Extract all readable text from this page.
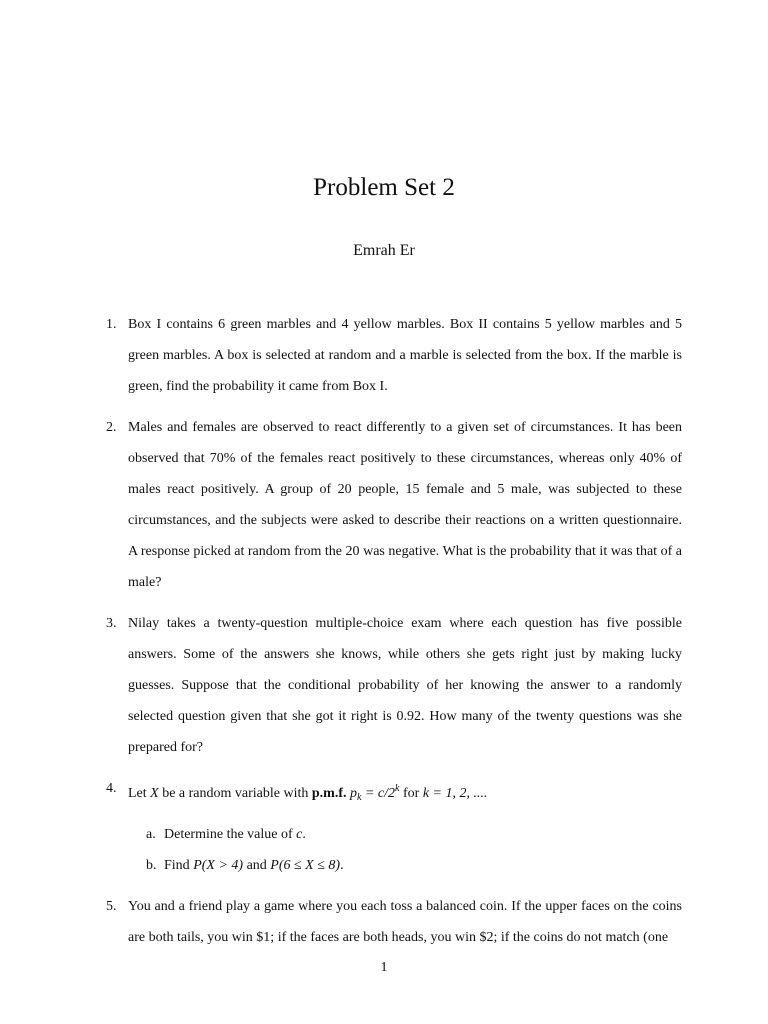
Problem Set 2
Emrah Er
1. Box I contains 6 green marbles and 4 yellow marbles. Box II contains 5 yellow marbles and 5 green marbles. A box is selected at random and a marble is selected from the box. If the marble is green, find the probability it came from Box I.
2. Males and females are observed to react differently to a given set of circumstances. It has been observed that 70% of the females react positively to these circumstances, whereas only 40% of males react positively. A group of 20 people, 15 female and 5 male, was subjected to these circumstances, and the subjects were asked to describe their reactions on a written questionnaire. A response picked at random from the 20 was negative. What is the probability that it was that of a male?
3. Nilay takes a twenty-question multiple-choice exam where each question has five possible answers. Some of the answers she knows, while others she gets right just by making lucky guesses. Suppose that the conditional probability of her knowing the answer to a randomly selected question given that she got it right is 0.92. How many of the twenty questions was she prepared for?
4. Let X be a random variable with p.m.f. $p_k = c/2^k$ for k = 1, 2, ....
a. Determine the value of c.
b. Find P(X > 4) and P(6 ≤ X ≤ 8).
5. You and a friend play a game where you each toss a balanced coin. If the upper faces on the coins are both tails, you win $1; if the faces are both heads, you win $2; if the coins do not match (one
1
